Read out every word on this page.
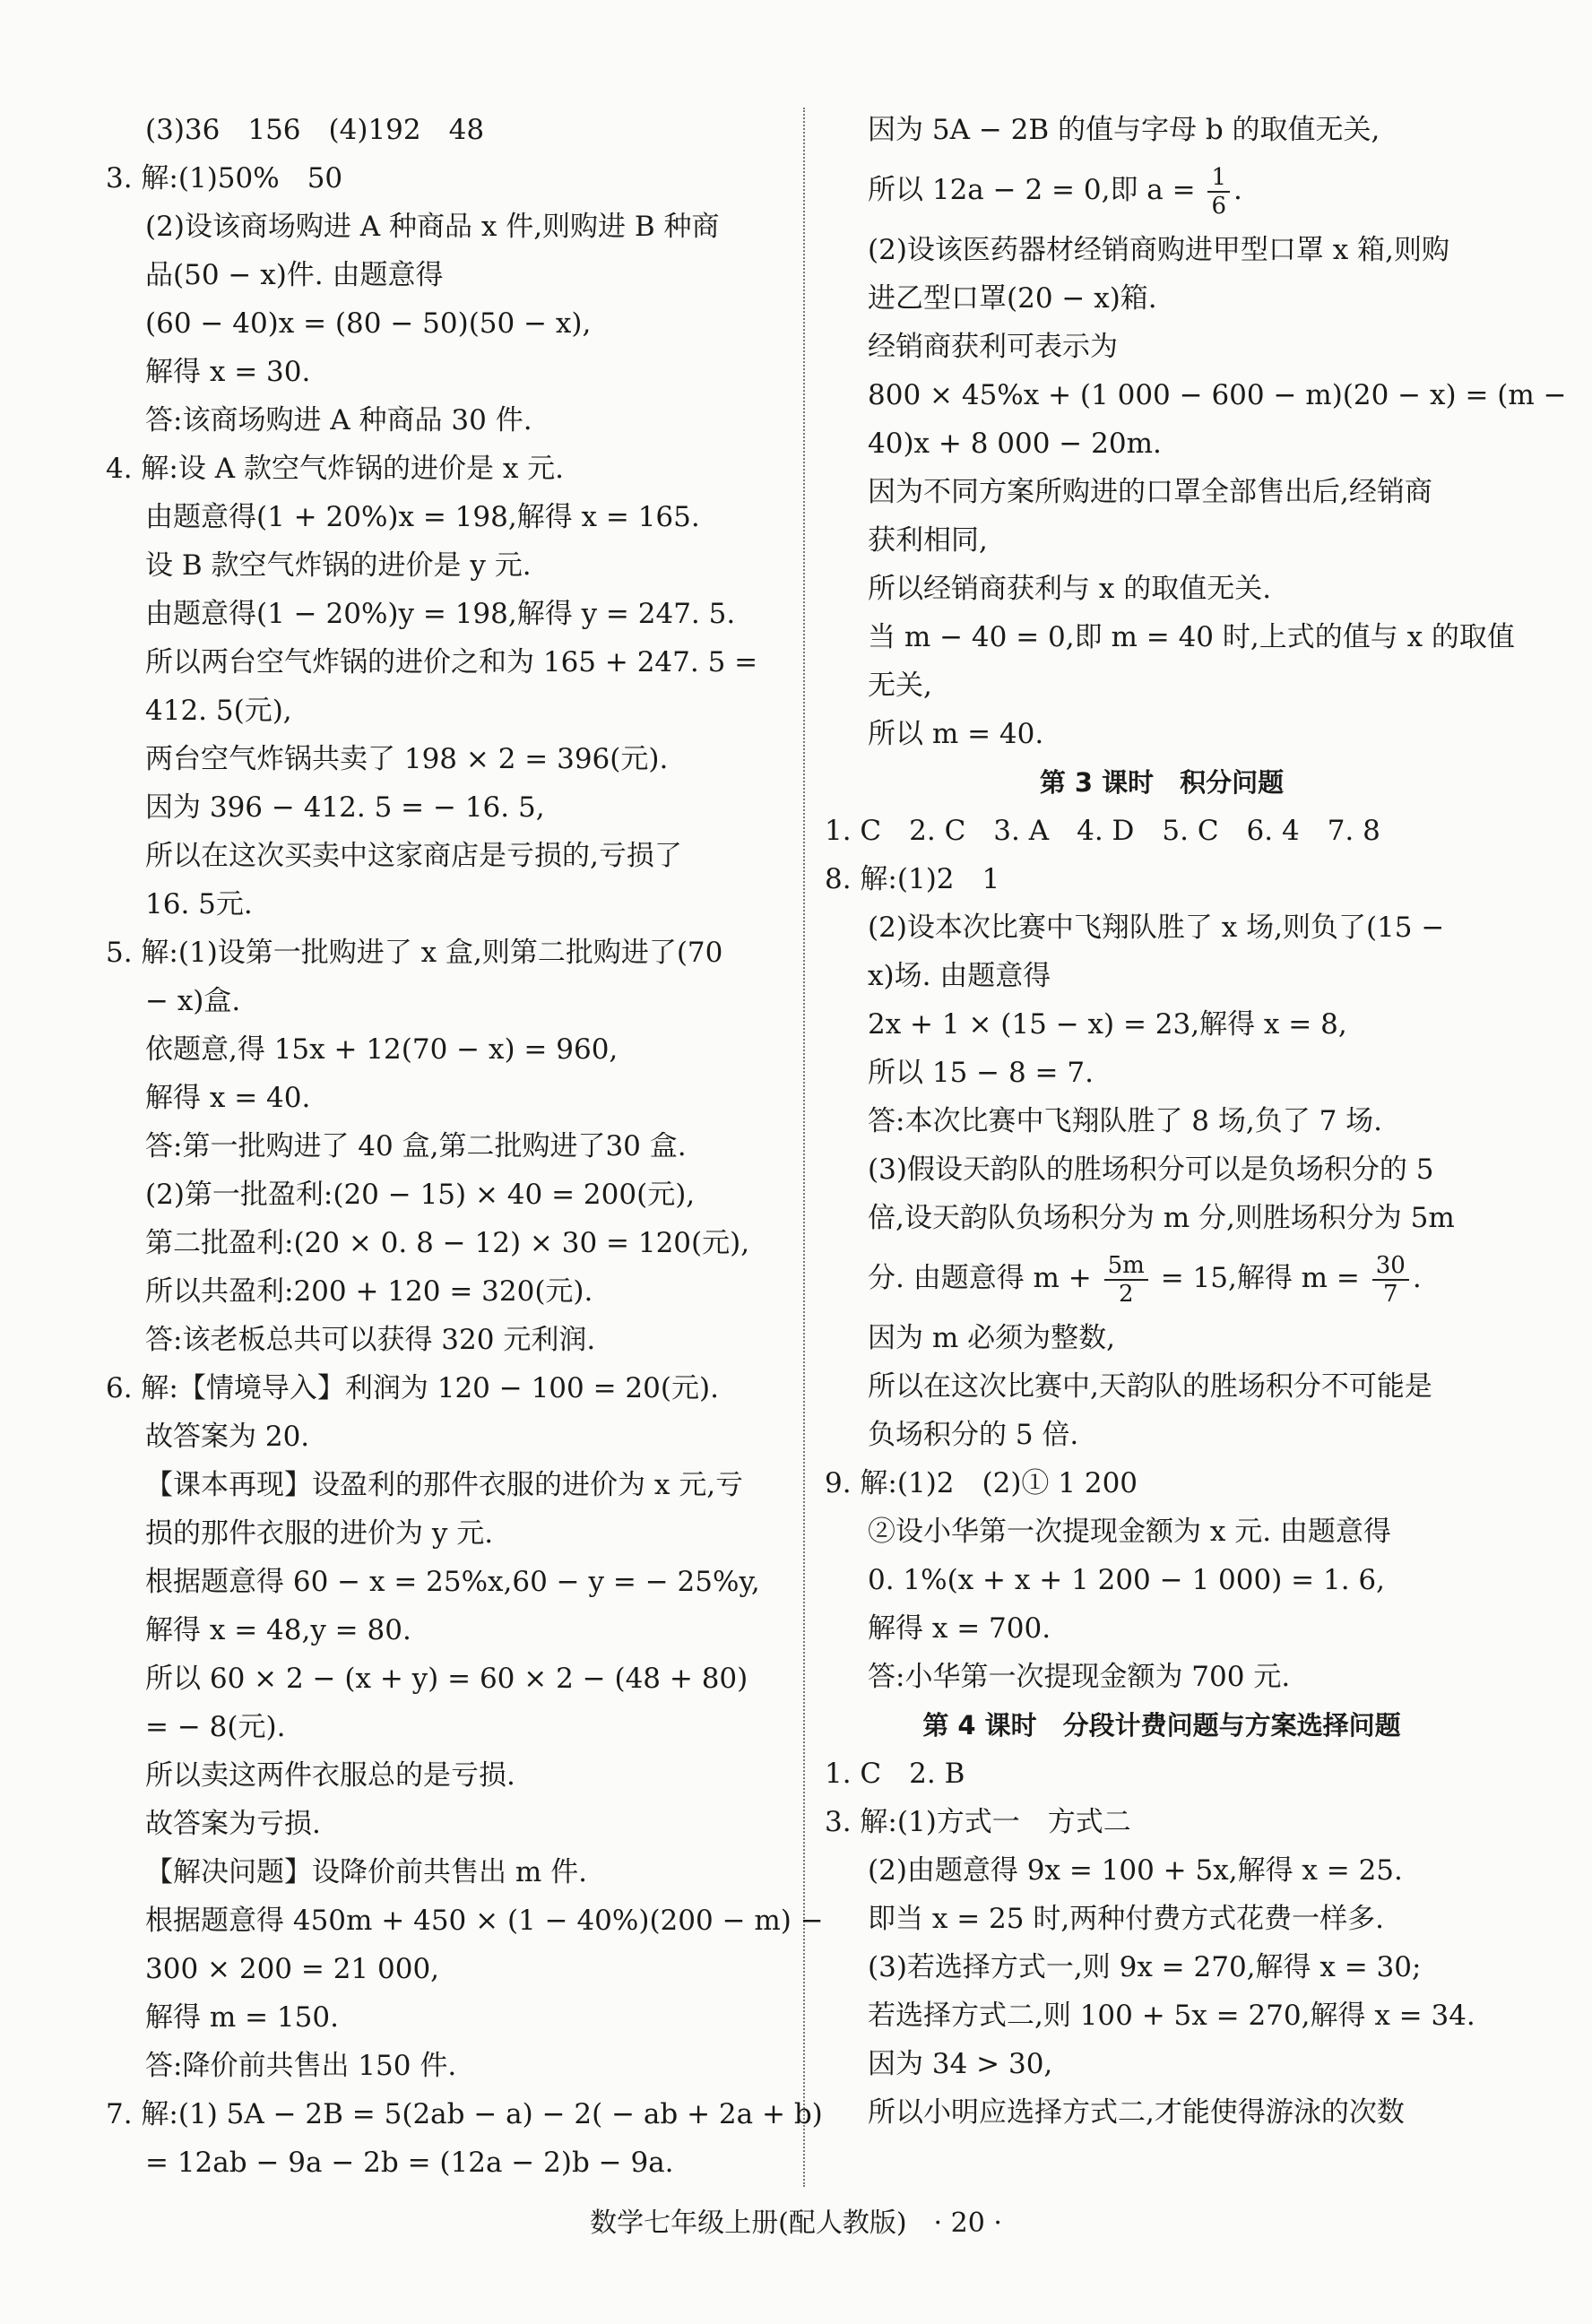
(3)36　156　(4)192　48
3. 解:(1)50%　50
(2)设该商场购进 A 种商品 x 件,则购进 B 种商
品(50 − x)件. 由题意得
(60 − 40)x = (80 − 50)(50 − x),
解得 x = 30.
答:该商场购进 A 种商品 30 件.
4. 解:设 A 款空气炸锅的进价是 x 元.
由题意得(1 + 20%)x = 198,解得 x = 165.
设 B 款空气炸锅的进价是 y 元.
由题意得(1 − 20%)y = 198,解得 y = 247. 5.
所以两台空气炸锅的进价之和为 165 + 247. 5 =
412. 5(元),
两台空气炸锅共卖了 198 × 2 = 396(元).
因为 396 − 412. 5 = − 16. 5,
所以在这次买卖中这家商店是亏损的,亏损了
16. 5元.
5. 解:(1)设第一批购进了 x 盒,则第二批购进了(70
− x)盒.
依题意,得 15x + 12(70 − x) = 960,
解得 x = 40.
答:第一批购进了 40 盒,第二批购进了30 盒.
(2)第一批盈利:(20 − 15) × 40 = 200(元),
第二批盈利:(20 × 0. 8 − 12) × 30 = 120(元),
所以共盈利:200 + 120 = 320(元).
答:该老板总共可以获得 320 元利润.
6. 解:【情境导入】利润为 120 − 100 = 20(元).
故答案为 20.
【课本再现】设盈利的那件衣服的进价为 x 元,亏
损的那件衣服的进价为 y 元.
根据题意得 60 − x = 25%x,60 − y = − 25%y,
解得 x = 48,y = 80.
所以 60 × 2 − (x + y) = 60 × 2 − (48 + 80)
= − 8(元).
所以卖这两件衣服总的是亏损.
故答案为亏损.
【解决问题】设降价前共售出 m 件.
根据题意得 450m + 450 × (1 − 40%)(200 − m) −
300 × 200 = 21 000,
解得 m = 150.
答:降价前共售出 150 件.
7. 解:(1) 5A − 2B = 5(2ab − a) − 2( − ab + 2a + b)
= 12ab − 9a − 2b = (12a − 2)b − 9a.
因为 5A − 2B 的值与字母 b 的取值无关,
所以 12a − 2 = 0,即 $a = \frac{1}{6}$ .
(2)设该医药器材经销商购进甲型口罩 x 箱,则购
进乙型口罩(20 − x)箱.
经销商获利可表示为
800 × 45%x + (1 000 − 600 − m)(20 − x) = (m −
40)x + 8 000 − 20m.
因为不同方案所购进的口罩全部售出后,经销商
获利相同,
所以经销商获利与 x 的取值无关.
当 m − 40 = 0,即 m = 40 时,上式的值与 x 的取值
无关,
所以 m = 40.
第 3 课时　积分问题
1. C　2. C　3. A　4. D　5. C　6. 4　7. 8
8. 解:(1)2　1
(2)设本次比赛中飞翔队胜了 x 场,则负了(15 −
x)场. 由题意得
2x + 1 × (15 − x) = 23,解得 x = 8,
所以 15 − 8 = 7.
答:本次比赛中飞翔队胜了 8 场,负了 7 场.
(3)假设天韵队的胜场积分可以是负场积分的 5
倍,设天韵队负场积分为 m 分,则胜场积分为 5m
分. 由题意得 $m + \frac{5m}{2} = 15$,解得 $m = \frac{30}{7}$ .
因为 m 必须为整数,
所以在这次比赛中,天韵队的胜场积分不可能是
负场积分的 5 倍.
9. 解:(1)2　(2)① 1 200
②设小华第一次提现金额为 x 元. 由题意得
0. 1%(x + x + 1 200 − 1 000) = 1. 6,
解得 x = 700.
答:小华第一次提现金额为 700 元.
第 4 课时　分段计费问题与方案选择问题
1. C　2. B
3. 解:(1)方式一　方式二
(2)由题意得 9x = 100 + 5x,解得 x = 25.
即当 x = 25 时,两种付费方式花费一样多.
(3)若选择方式一,则 9x = 270,解得 x = 30;
若选择方式二,则 100 + 5x = 270,解得 x = 34.
因为 34 > 30,
所以小明应选择方式二,才能使得游泳的次数
数学七年级上册(配人教版)　· 20 ·
